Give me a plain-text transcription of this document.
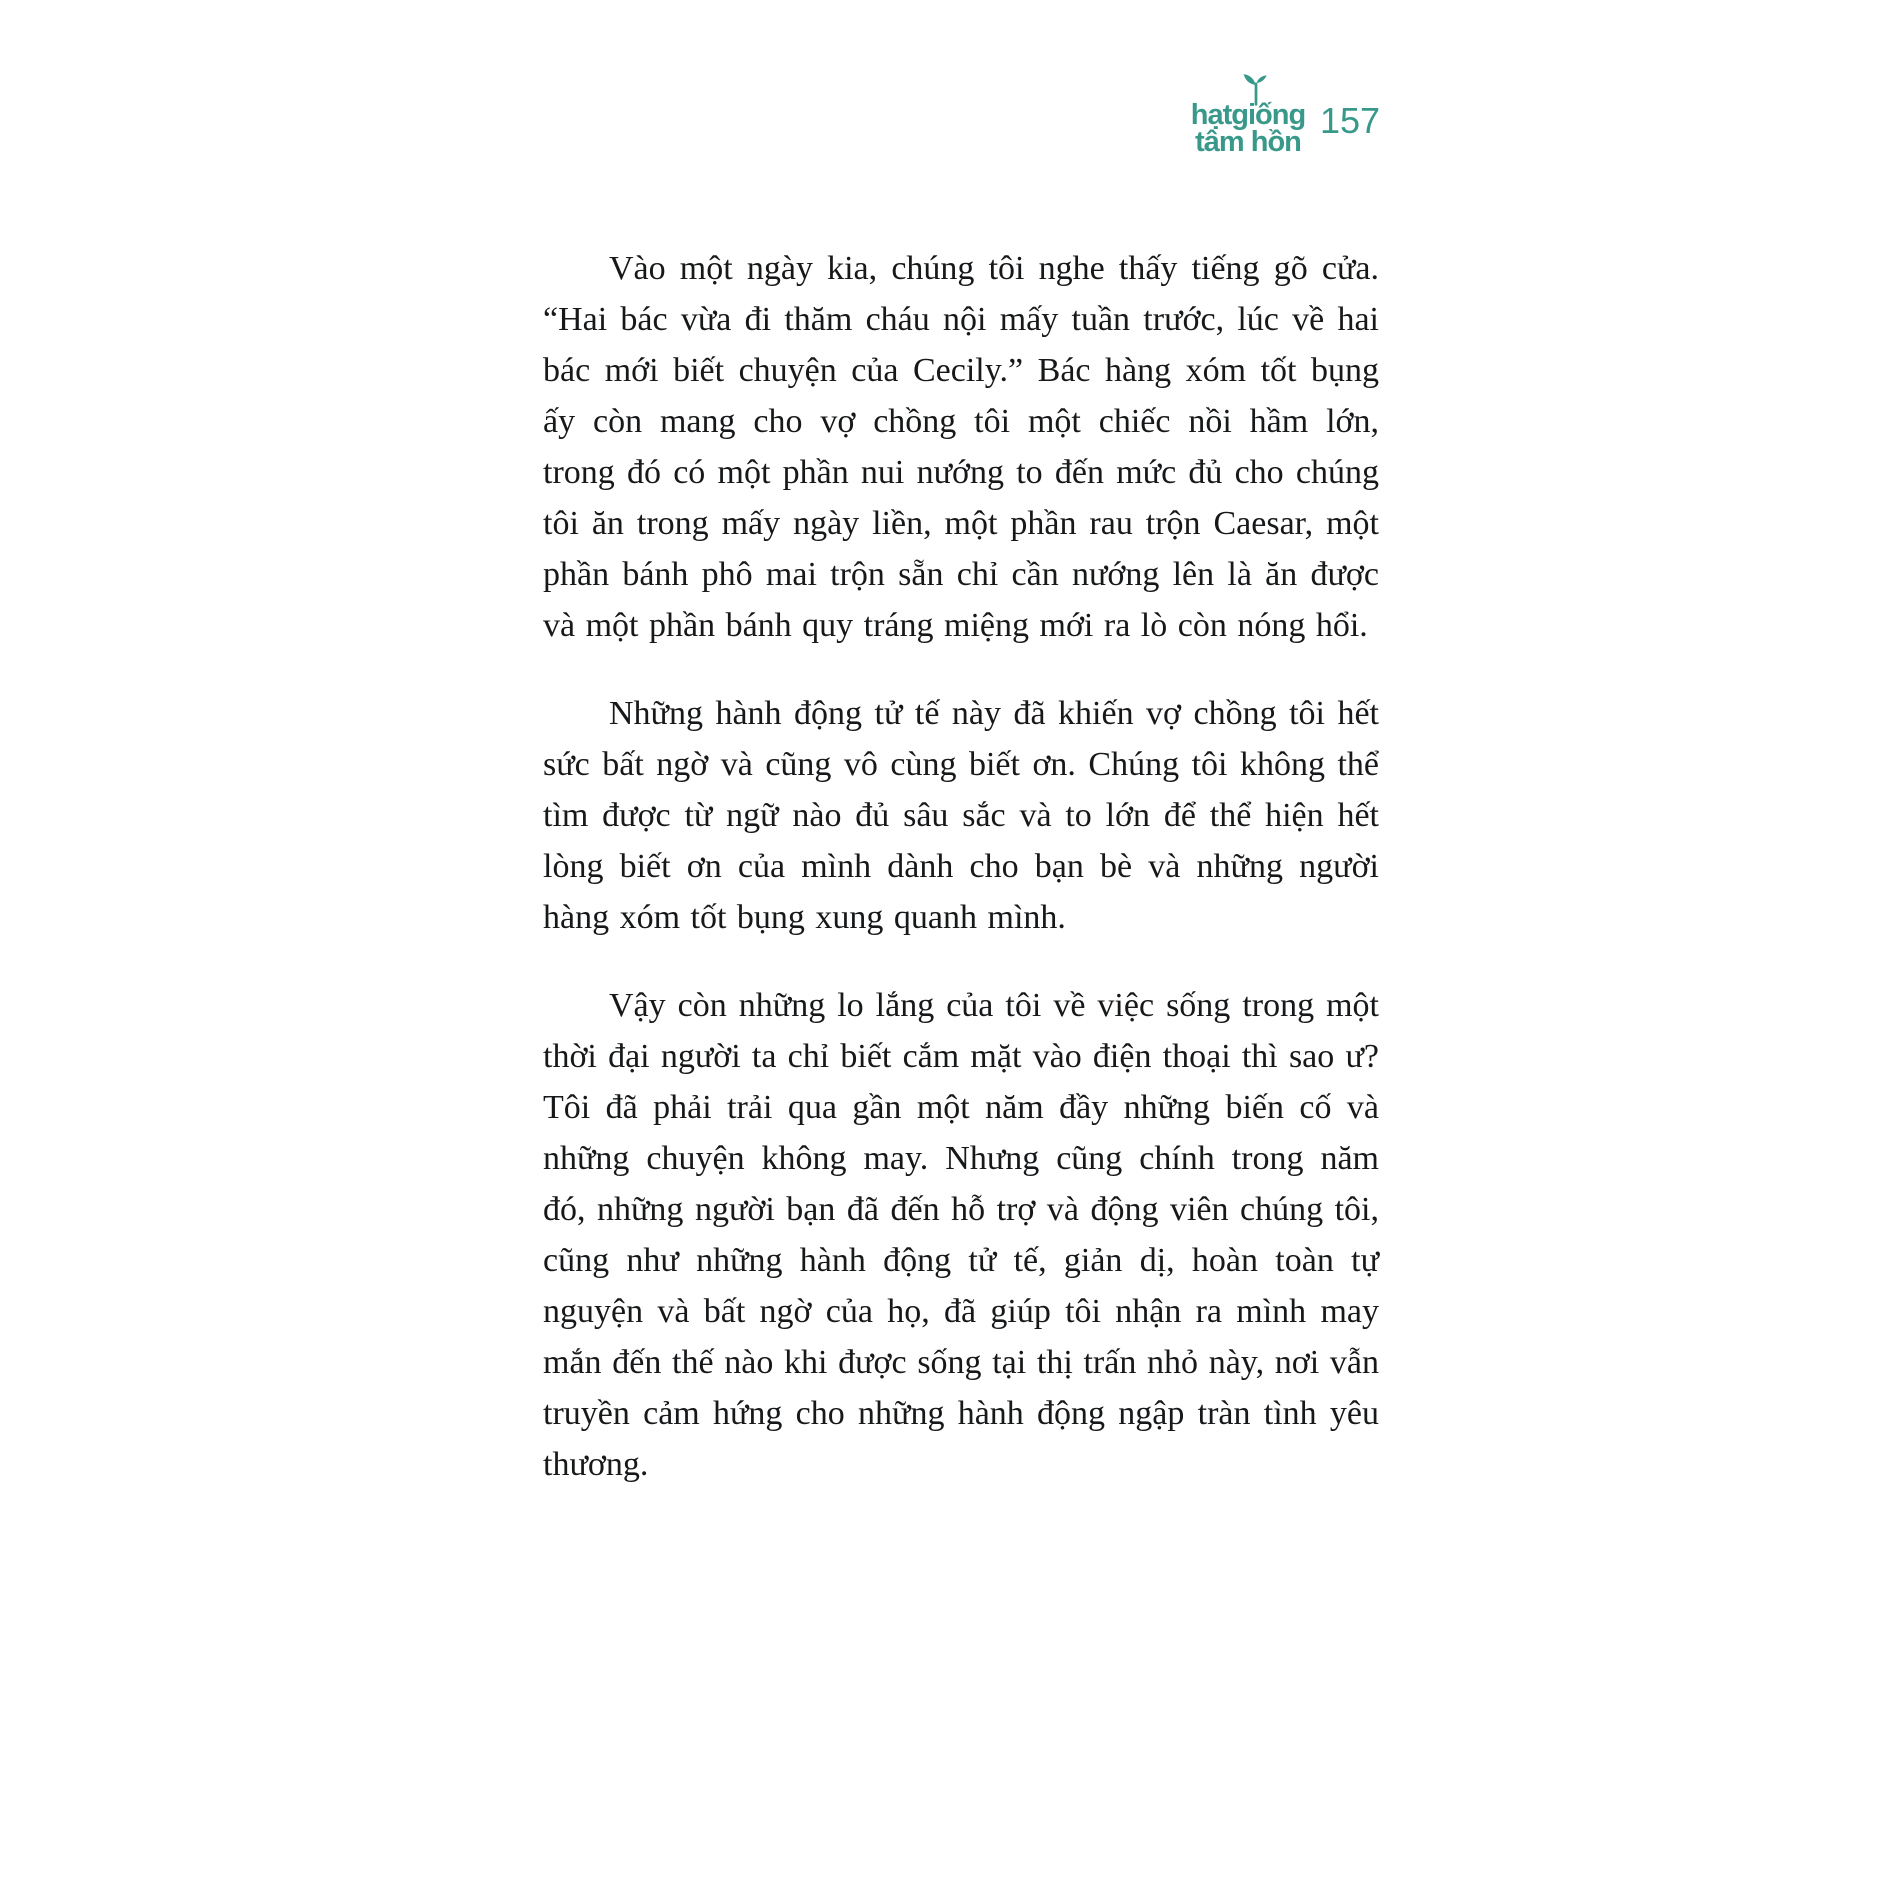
hạtgiống
tâm hồn
157

Vào một ngày kia, chúng tôi nghe thấy tiếng gõ cửa. “Hai bác vừa đi thăm cháu nội mấy tuần trước, lúc về hai bác mới biết chuyện của Cecily.” Bác hàng xóm tốt bụng ấy còn mang cho vợ chồng tôi một chiếc nồi hầm lớn, trong đó có một phần nui nướng to đến mức đủ cho chúng tôi ăn trong mấy ngày liền, một phần rau trộn Caesar, một phần bánh phô mai trộn sẵn chỉ cần nướng lên là ăn được và một phần bánh quy tráng miệng mới ra lò còn nóng hổi.

Những hành động tử tế này đã khiến vợ chồng tôi hết sức bất ngờ và cũng vô cùng biết ơn. Chúng tôi không thể tìm được từ ngữ nào đủ sâu sắc và to lớn để thể hiện hết lòng biết ơn của mình dành cho bạn bè và những người hàng xóm tốt bụng xung quanh mình.

Vậy còn những lo lắng của tôi về việc sống trong một thời đại người ta chỉ biết cắm mặt vào điện thoại thì sao ư? Tôi đã phải trải qua gần một năm đầy những biến cố và những chuyện không may. Nhưng cũng chính trong năm đó, những người bạn đã đến hỗ trợ và động viên chúng tôi, cũng như những hành động tử tế, giản dị, hoàn toàn tự nguyện và bất ngờ của họ, đã giúp tôi nhận ra mình may mắn đến thế nào khi được sống tại thị trấn nhỏ này, nơi vẫn truyền cảm hứng cho những hành động ngập tràn tình yêu thương.
